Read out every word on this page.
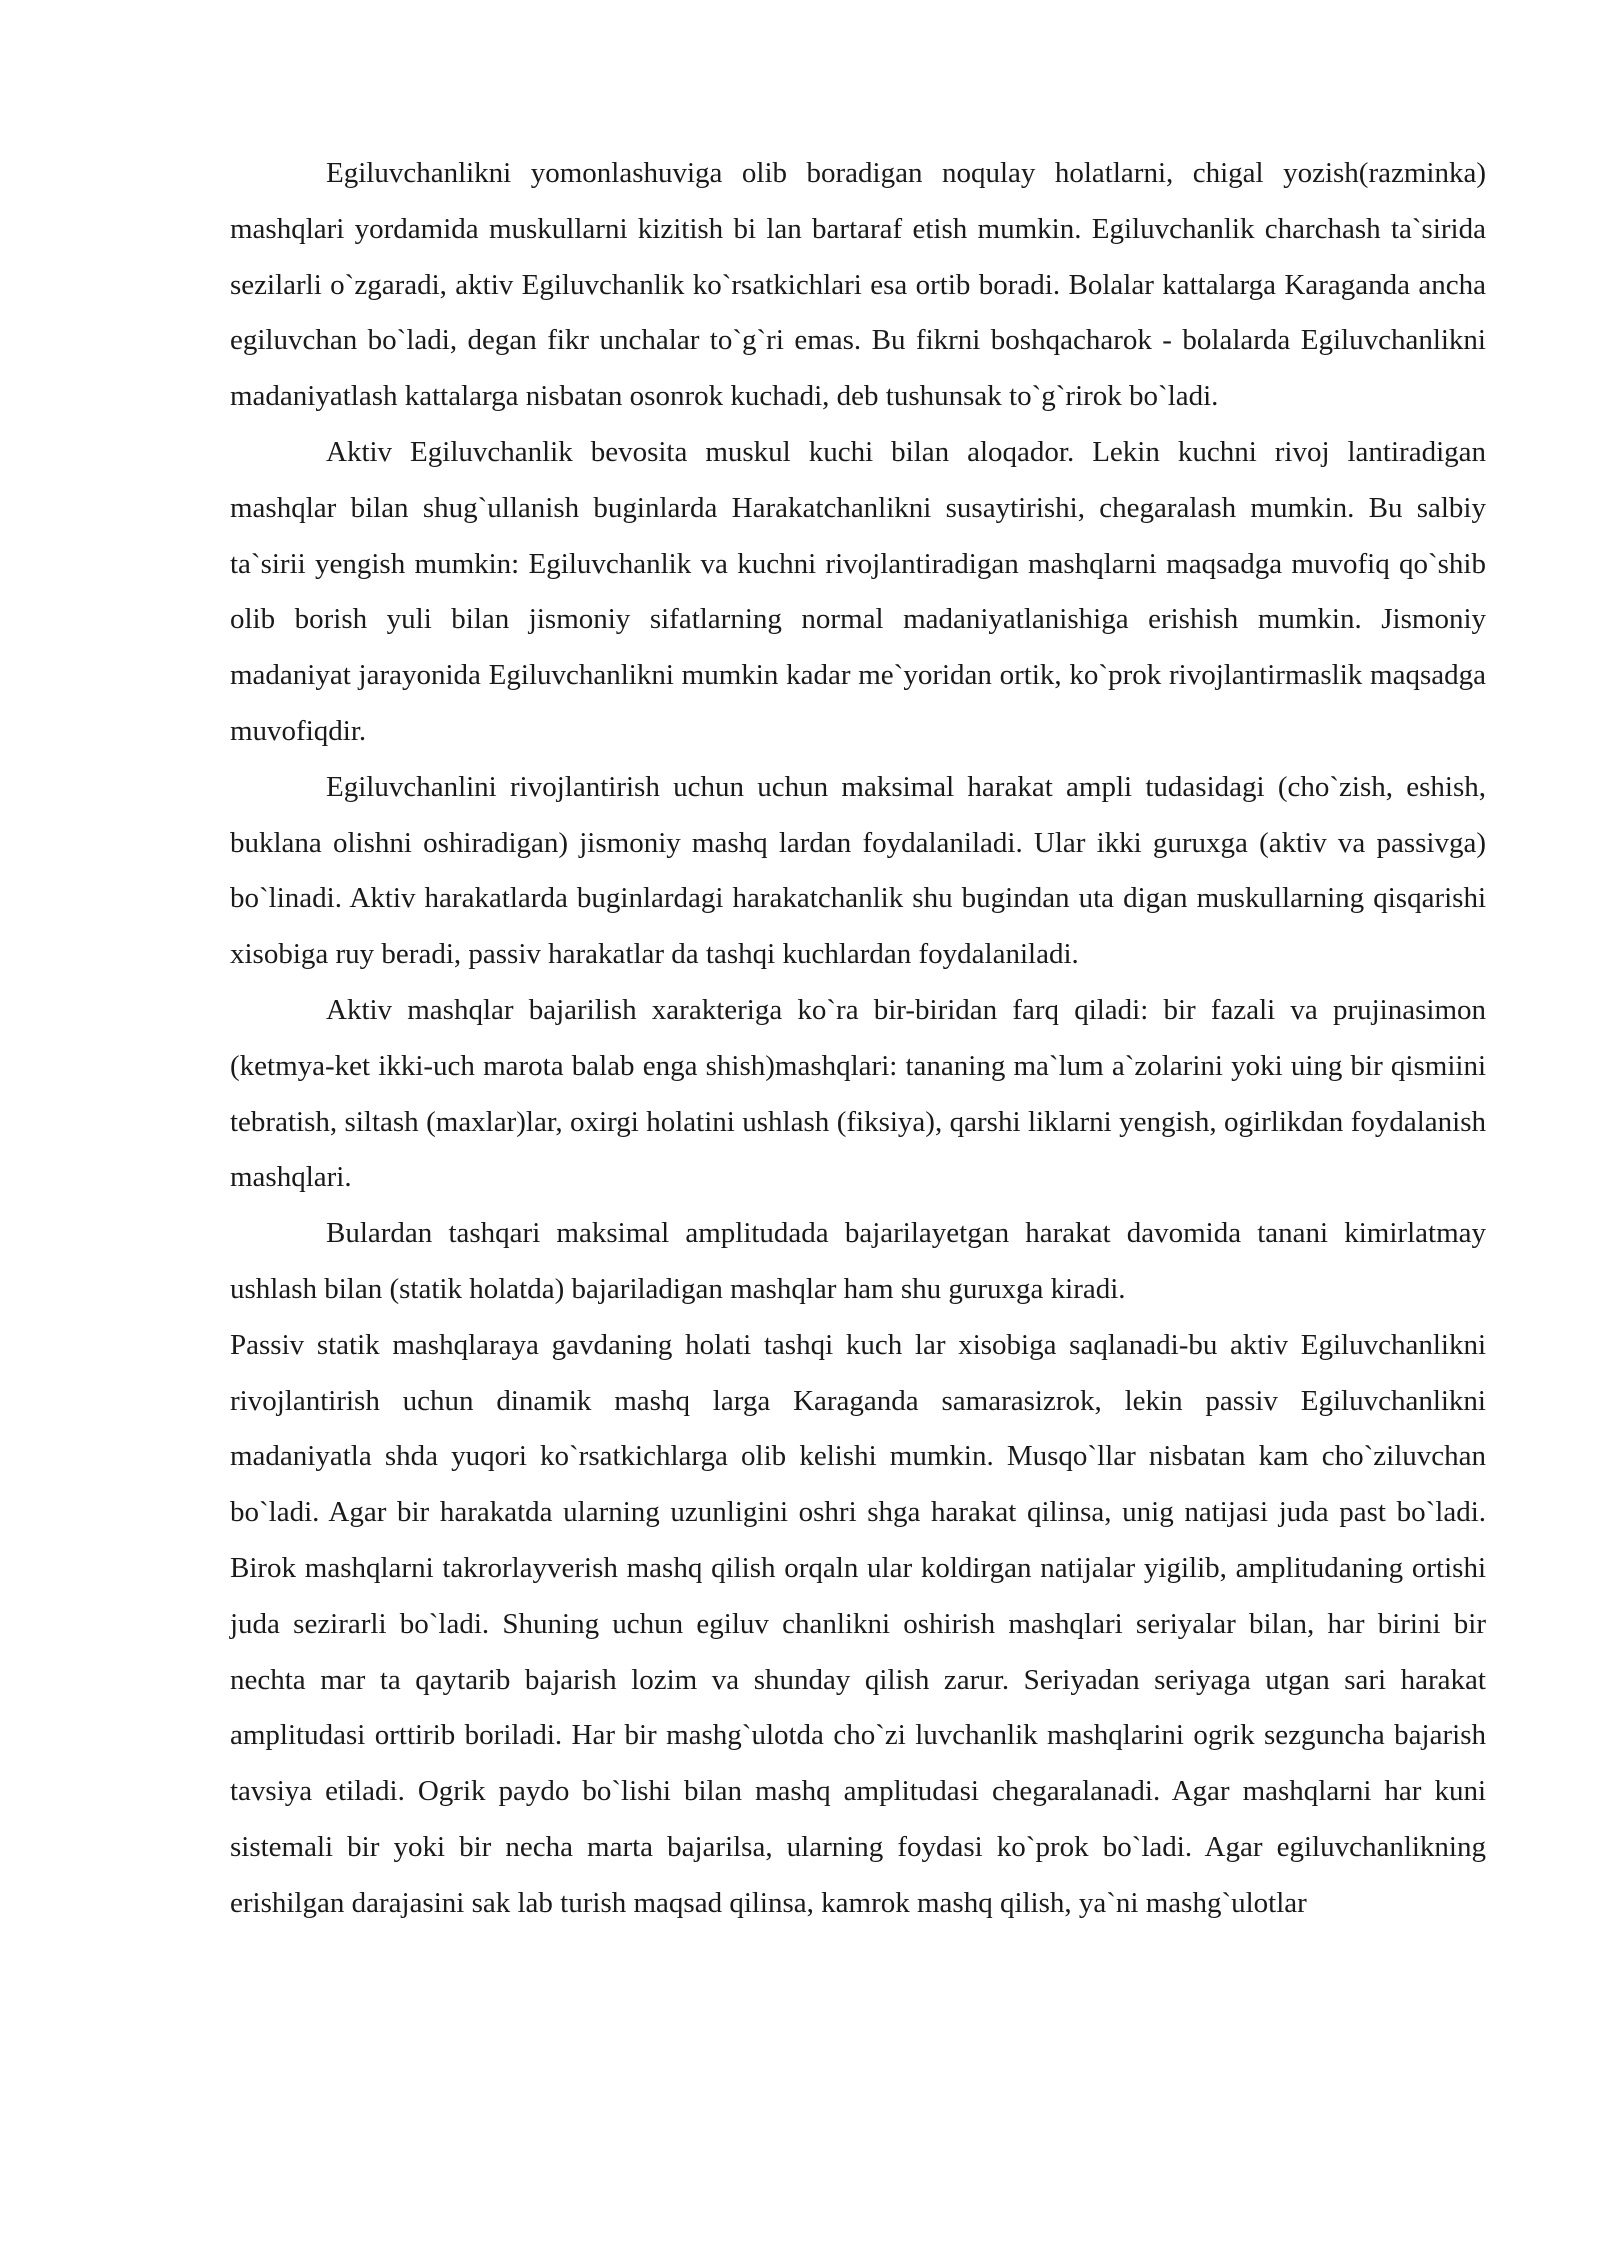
Egiluvchanlikni yomonlashuviga olib boradigan noqulay holatlarni, chigal yozish(razminka) mashqlari yordamida muskullarni kizitish bi lan bartaraf etish mumkin. Egiluvchanlik charchash ta`sirida sezilarli o`zgaradi, aktiv Egiluvchanlik ko`rsatkichlari esa ortib boradi. Bolalar kattalarga Karaganda ancha egiluvchan bo`ladi, degan fikr unchalar to`g`ri emas. Bu fikrni boshqacharok - bolalarda Egiluvchanlikni madaniyatlash kattalarga nisbatan osonrok kuchadi, deb tushunsak to`g`rirok bo`ladi.

Aktiv Egiluvchanlik bevosita muskul kuchi bilan aloqador. Lekin kuchni rivoj lantiradigan mashqlar bilan shug`ullanish buginlarda Harakatchanlikni susaytirishi, chegaralash mumkin. Bu salbiy ta`sirii yengish mumkin: Egiluvchanlik va kuchni rivojlantiradigan mashqlarni maqsadga muvofiq qo`shib olib borish yuli bilan jismoniy sifatlarning normal madaniyatlanishiga erishish mumkin. Jismoniy madaniyat jarayonida Egiluvchanlikni mumkin kadar me`yoridan ortik, ko`prok rivojlantirmaslik maqsadga muvofiqdir.

Egiluvchanlini rivojlantirish uchun uchun maksimal harakat ampli tudasidagi (cho`zish, eshish, buklana olishni oshiradigan) jismoniy mashq lardan foydalaniladi. Ular ikki guruxga (aktiv va passivga) bo`linadi. Aktiv harakatlarda buginlardagi harakatchanlik shu bugindan uta digan muskullarning qisqarishi xisobiga ruy beradi, passiv harakatlar da tashqi kuchlardan foydalaniladi.

Aktiv mashqlar bajarilish xarakteriga ko`ra bir-biridan farq qiladi: bir fazali va prujinasimon (ketmya-ket ikki-uch marota balab enga shish)mashqlari: tananing ma`lum a`zolarini yoki uing bir qismiini tebratish, siltash (maxlar)lar, oxirgi holatini ushlash (fiksiya), qarshi liklarni yengish, ogirlikdan foydalanish mashqlari.

Bulardan tashqari maksimal amplitudada bajarilayetgan harakat davomida tanani kimirlatmay ushlash bilan (statik holatda) bajariladigan mashqlar ham shu guruxga kiradi.

Passiv statik mashqlaraya gavdaning holati tashqi kuch lar xisobiga saqlanadi-bu aktiv Egiluvchanlikni rivojlantirish uchun dinamik mashq larga Karaganda samarasizrok, lekin passiv Egiluvchanlikni madaniyatla shda yuqori ko`rsatkichlarga olib kelishi mumkin. Musqo`llar nisbatan kam cho`ziluvchan bo`ladi. Agar bir harakatda ularning uzunligini oshri shga harakat qilinsa, unig natijasi juda past bo`ladi. Birok mashqlarni takrorlayverish mashq qilish orqaln ular koldirgan natijalar yigilib, amplitudaning ortishi juda sezirarli bo`ladi. Shuning uchun egiluv chanlikni oshirish mashqlari seriyalar bilan, har birini bir nechta mar ta qaytarib bajarish lozim va shunday qilish zarur. Seriyadan seriyaga utgan sari harakat amplitudasi orttirib boriladi. Har bir mashg`ulotda cho`zi luvchanlik mashqlarini ogrik sezguncha bajarish tavsiya etiladi. Ogrik paydo bo`lishi bilan mashq amplitudasi chegaralanadi. Agar mashqlarni har kuni sistemali bir yoki bir necha marta bajarilsa, ularning foydasi ko`prok bo`ladi. Agar egiluvchanlikning erishilgan darajasini sak lab turish maqsad qilinsa, kamrok mashq qilish, ya`ni mashg`ulotlar
